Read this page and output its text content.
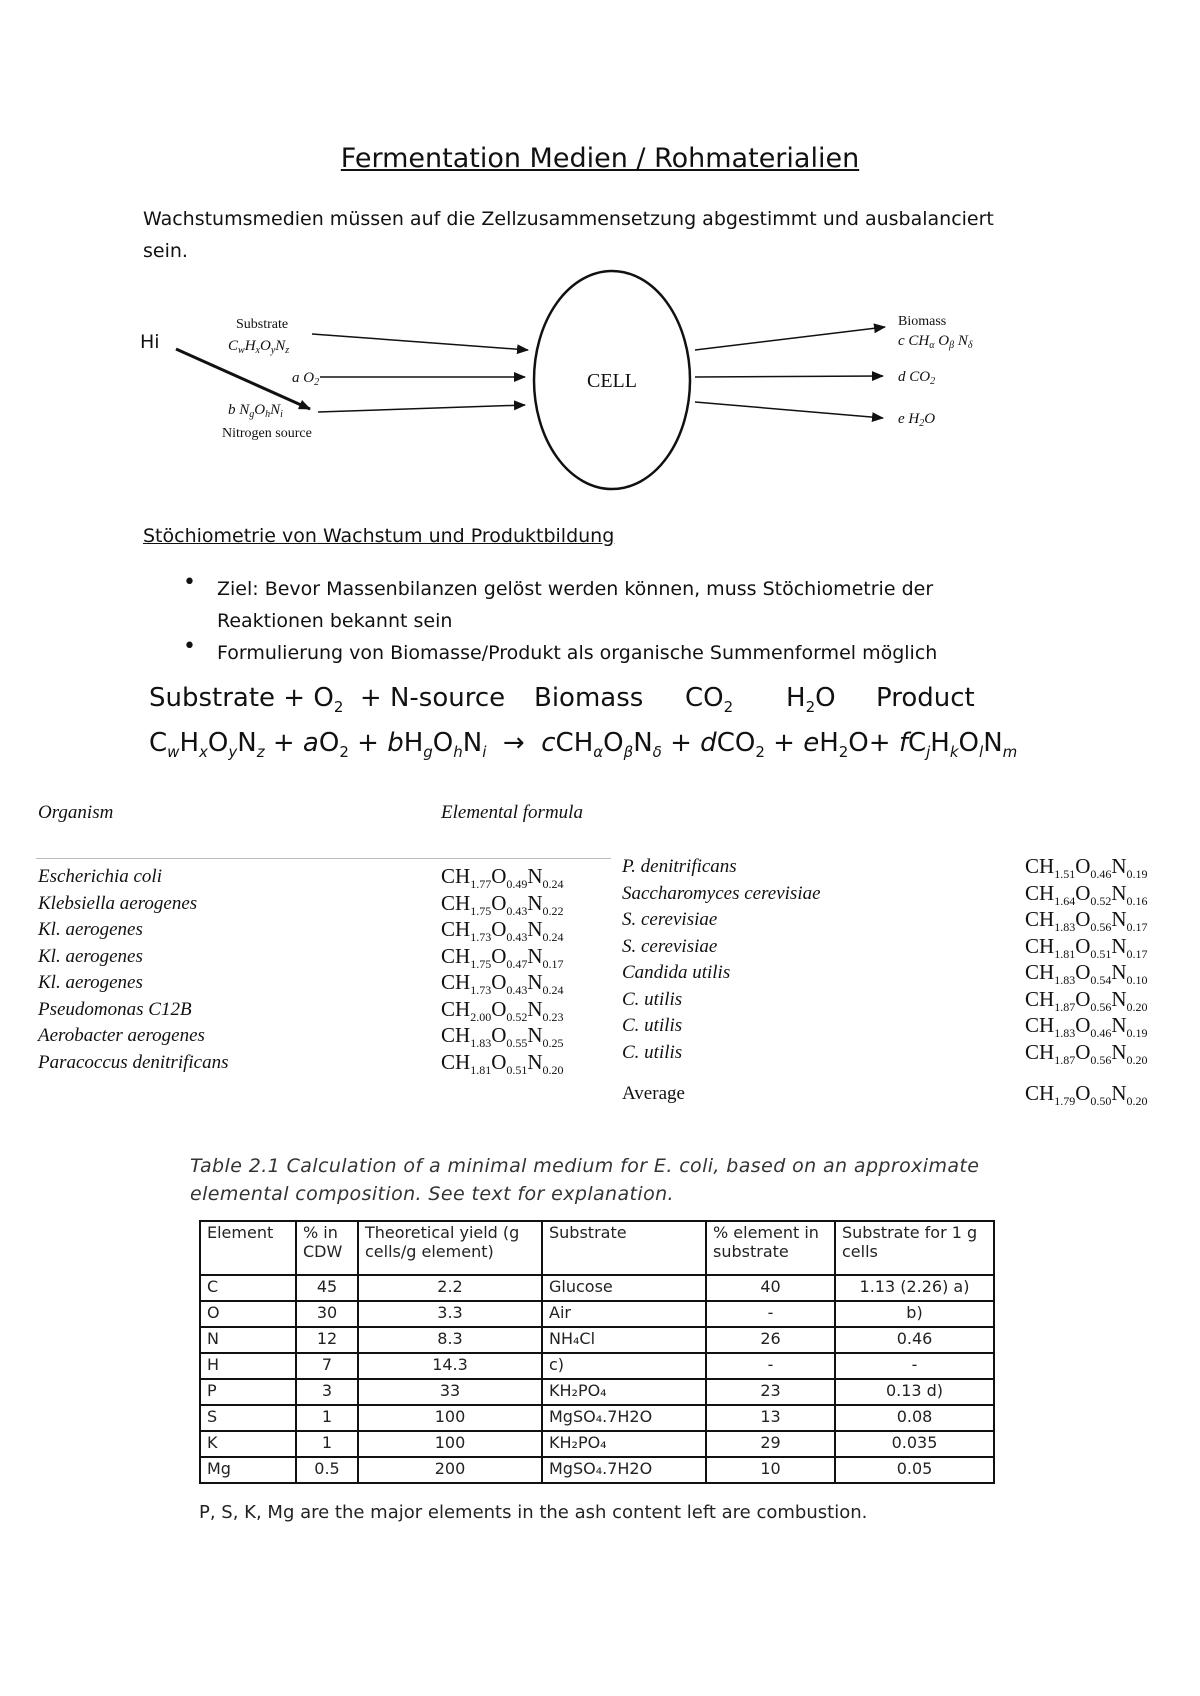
Fermentation Medien / Rohmaterialien
Wachstumsmedien müssen auf die Zellzusammensetzung abgestimmt und ausbalanciert sein.
Hi
Substrate
$C_wH_xO_yN_z$
a $O_2$
b $N_gO_hN_i$
Nitrogen source
CELL
Biomass
c $CH_\alpha$ $O_\beta$ $N_\delta$
d $CO_2$
e $H_2O$
Stöchiometrie von Wachstum und Produktbildung
• Ziel: Bevor Massenbilanzen gelöst werden können, muss Stöchiometrie der Reaktionen bekannt sein
• Formulierung von Biomasse/Produkt als organische Summenformel möglich
Substrate + $O_2$  + N-source Biomass $CO_2$ $H_2O$ Product
$C_wH_xO_yN_z + aO_2 + bH_gO_hN_i \to cCH_\alpha O_\beta N_\delta + dCO_2 + eH_2O+ fC_jH_kO_lN_m$
Organism	Elemental formula
Escherichia coli	$CH_{1.77}O_{0.49}N_{0.24}$
Klebsiella aerogenes	$CH_{1.75}O_{0.43}N_{0.22}$
Kl. aerogenes	$CH_{1.73}O_{0.43}N_{0.24}$
Kl. aerogenes	$CH_{1.75}O_{0.47}N_{0.17}$
Kl. aerogenes	$CH_{1.73}O_{0.43}N_{0.24}$
Pseudomonas C12B	$CH_{2.00}O_{0.52}N_{0.23}$
Aerobacter aerogenes	$CH_{1.83}O_{0.55}N_{0.25}$
Paracoccus denitrificans	$CH_{1.81}O_{0.51}N_{0.20}$
P. denitrificans	$CH_{1.51}O_{0.46}N_{0.19}$
Saccharomyces cerevisiae	$CH_{1.64}O_{0.52}N_{0.16}$
S. cerevisiae	$CH_{1.83}O_{0.56}N_{0.17}$
S. cerevisiae	$CH_{1.81}O_{0.51}N_{0.17}$
Candida utilis	$CH_{1.83}O_{0.54}N_{0.10}$
C. utilis	$CH_{1.87}O_{0.56}N_{0.20}$
C. utilis	$CH_{1.83}O_{0.46}N_{0.19}$
C. utilis	$CH_{1.87}O_{0.56}N_{0.20}$
Average	$CH_{1.79}O_{0.50}N_{0.20}$
Table 2.1 Calculation of a minimal medium for E. coli, based on an approximate elemental composition. See text for explanation.
Element	% in CDW	Theoretical yield (g cells/g element)	Substrate	% element in substrate	Substrate for 1 g cells
C	45	2.2	Glucose	40	1.13 (2.26) a)
O	30	3.3	Air	-	b)
N	12	8.3	NH₄Cl	26	0.46
H	7	14.3	c)	-	-
P	3	33	KH₂PO₄	23	0.13 d)
S	1	100	MgSO₄.7H2O	13	0.08
K	1	100	KH₂PO₄	29	0.035
Mg	0.5	200	MgSO₄.7H2O	10	0.05
P, S, K, Mg are the major elements in the ash content left are combustion.
